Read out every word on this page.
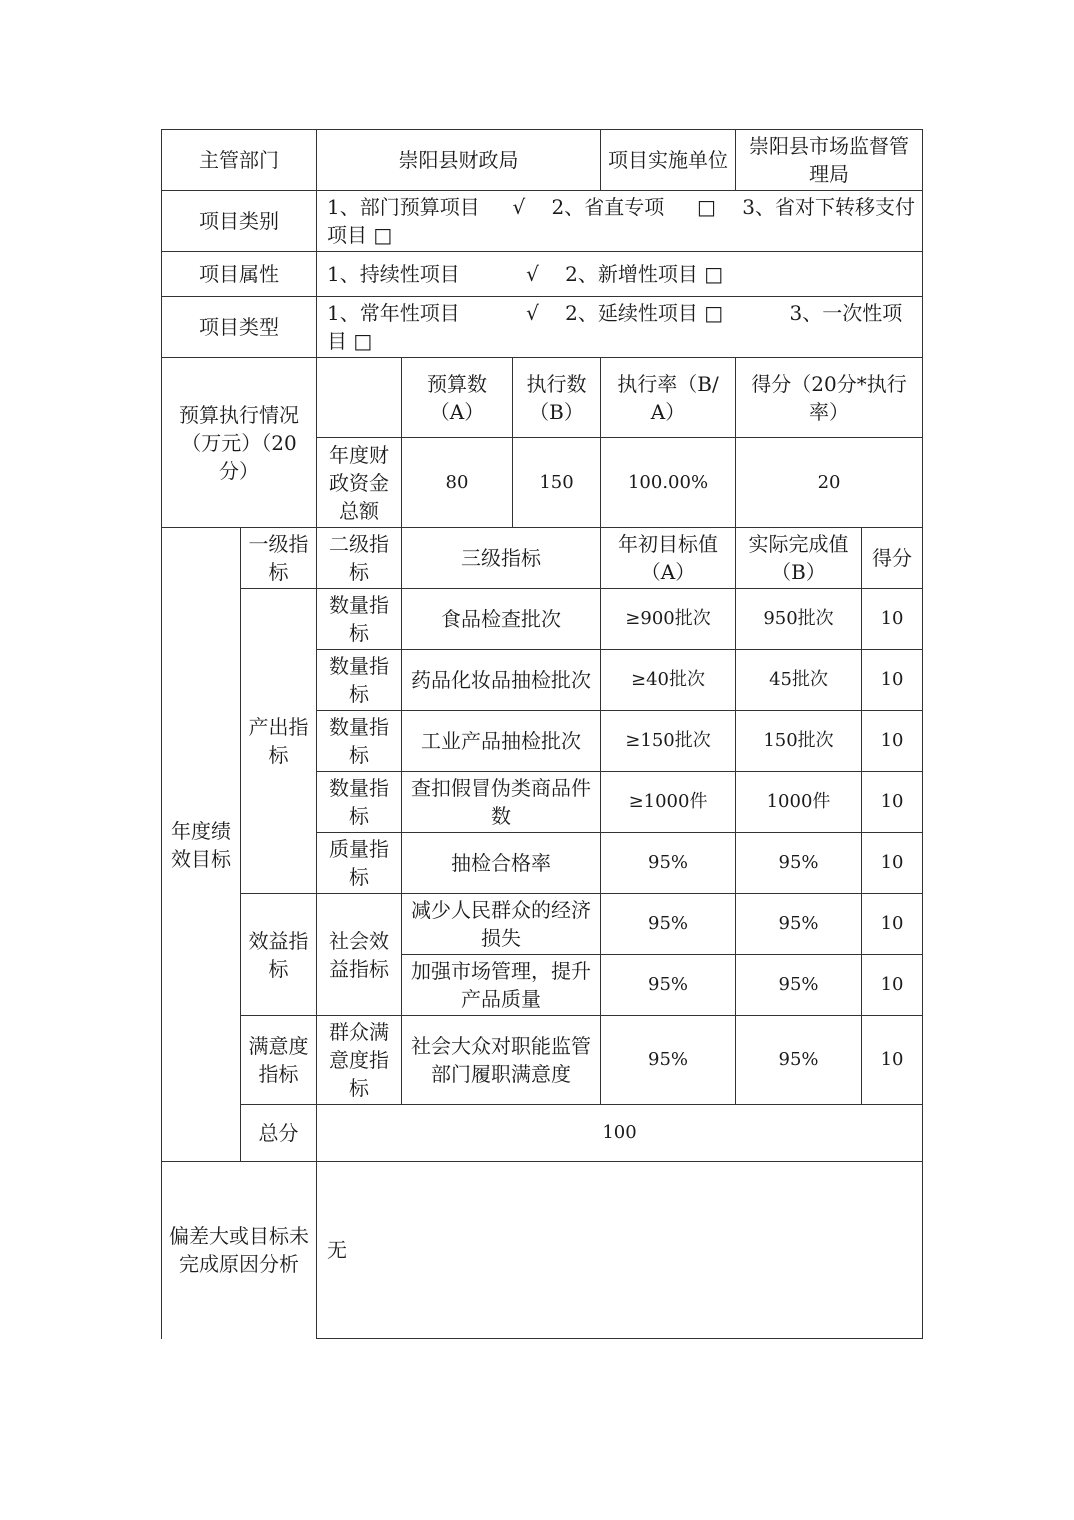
主管部门		崇阳县财政局			项目实施单位	崇阳县市场监督管理局	
项目类别		1、部门预算项目 　 √ 　2、省直专项 　 □ 　3、省对下转移支付项目 □					
项目属性		1、持续性项目 　　　√ 　2、新增性项目 □					
项目类型		1、常年性项目 　　　√ 　2、延续性项目 □ 　　　3、一次性项目 □					
预算执行情况（万元）（20分）			预算数（A）	执行数（B）	执行率（B/A）	得分（20分*执行率）	
		年度财政资金总额	80	150	100.00%	20	
年度绩效目标	一级指标	二级指标	三级指标		年初目标值（A）	实际完成值（B）	得分
	产出指标	数量指标	食品检查批次		≥900批次	950批次	10
		数量指标	药品化妆品抽检批次		≥40批次	45批次	10
		数量指标	工业产品抽检批次		≥150批次	150批次	10
		数量指标	查扣假冒伪类商品件数		≥1000件	1000件	10
		质量指标	抽检合格率		95%	95%	10
	效益指标	社会效益指标	减少人民群众的经济损失		95%	95%	10
			加强市场管理，提升产品质量		95%	95%	10
	满意度指标	群众满意度指标	社会大众对职能监管部门履职满意度		95%	95%	10
	总分	100					
偏差大或目标未完成原因分析		无					
